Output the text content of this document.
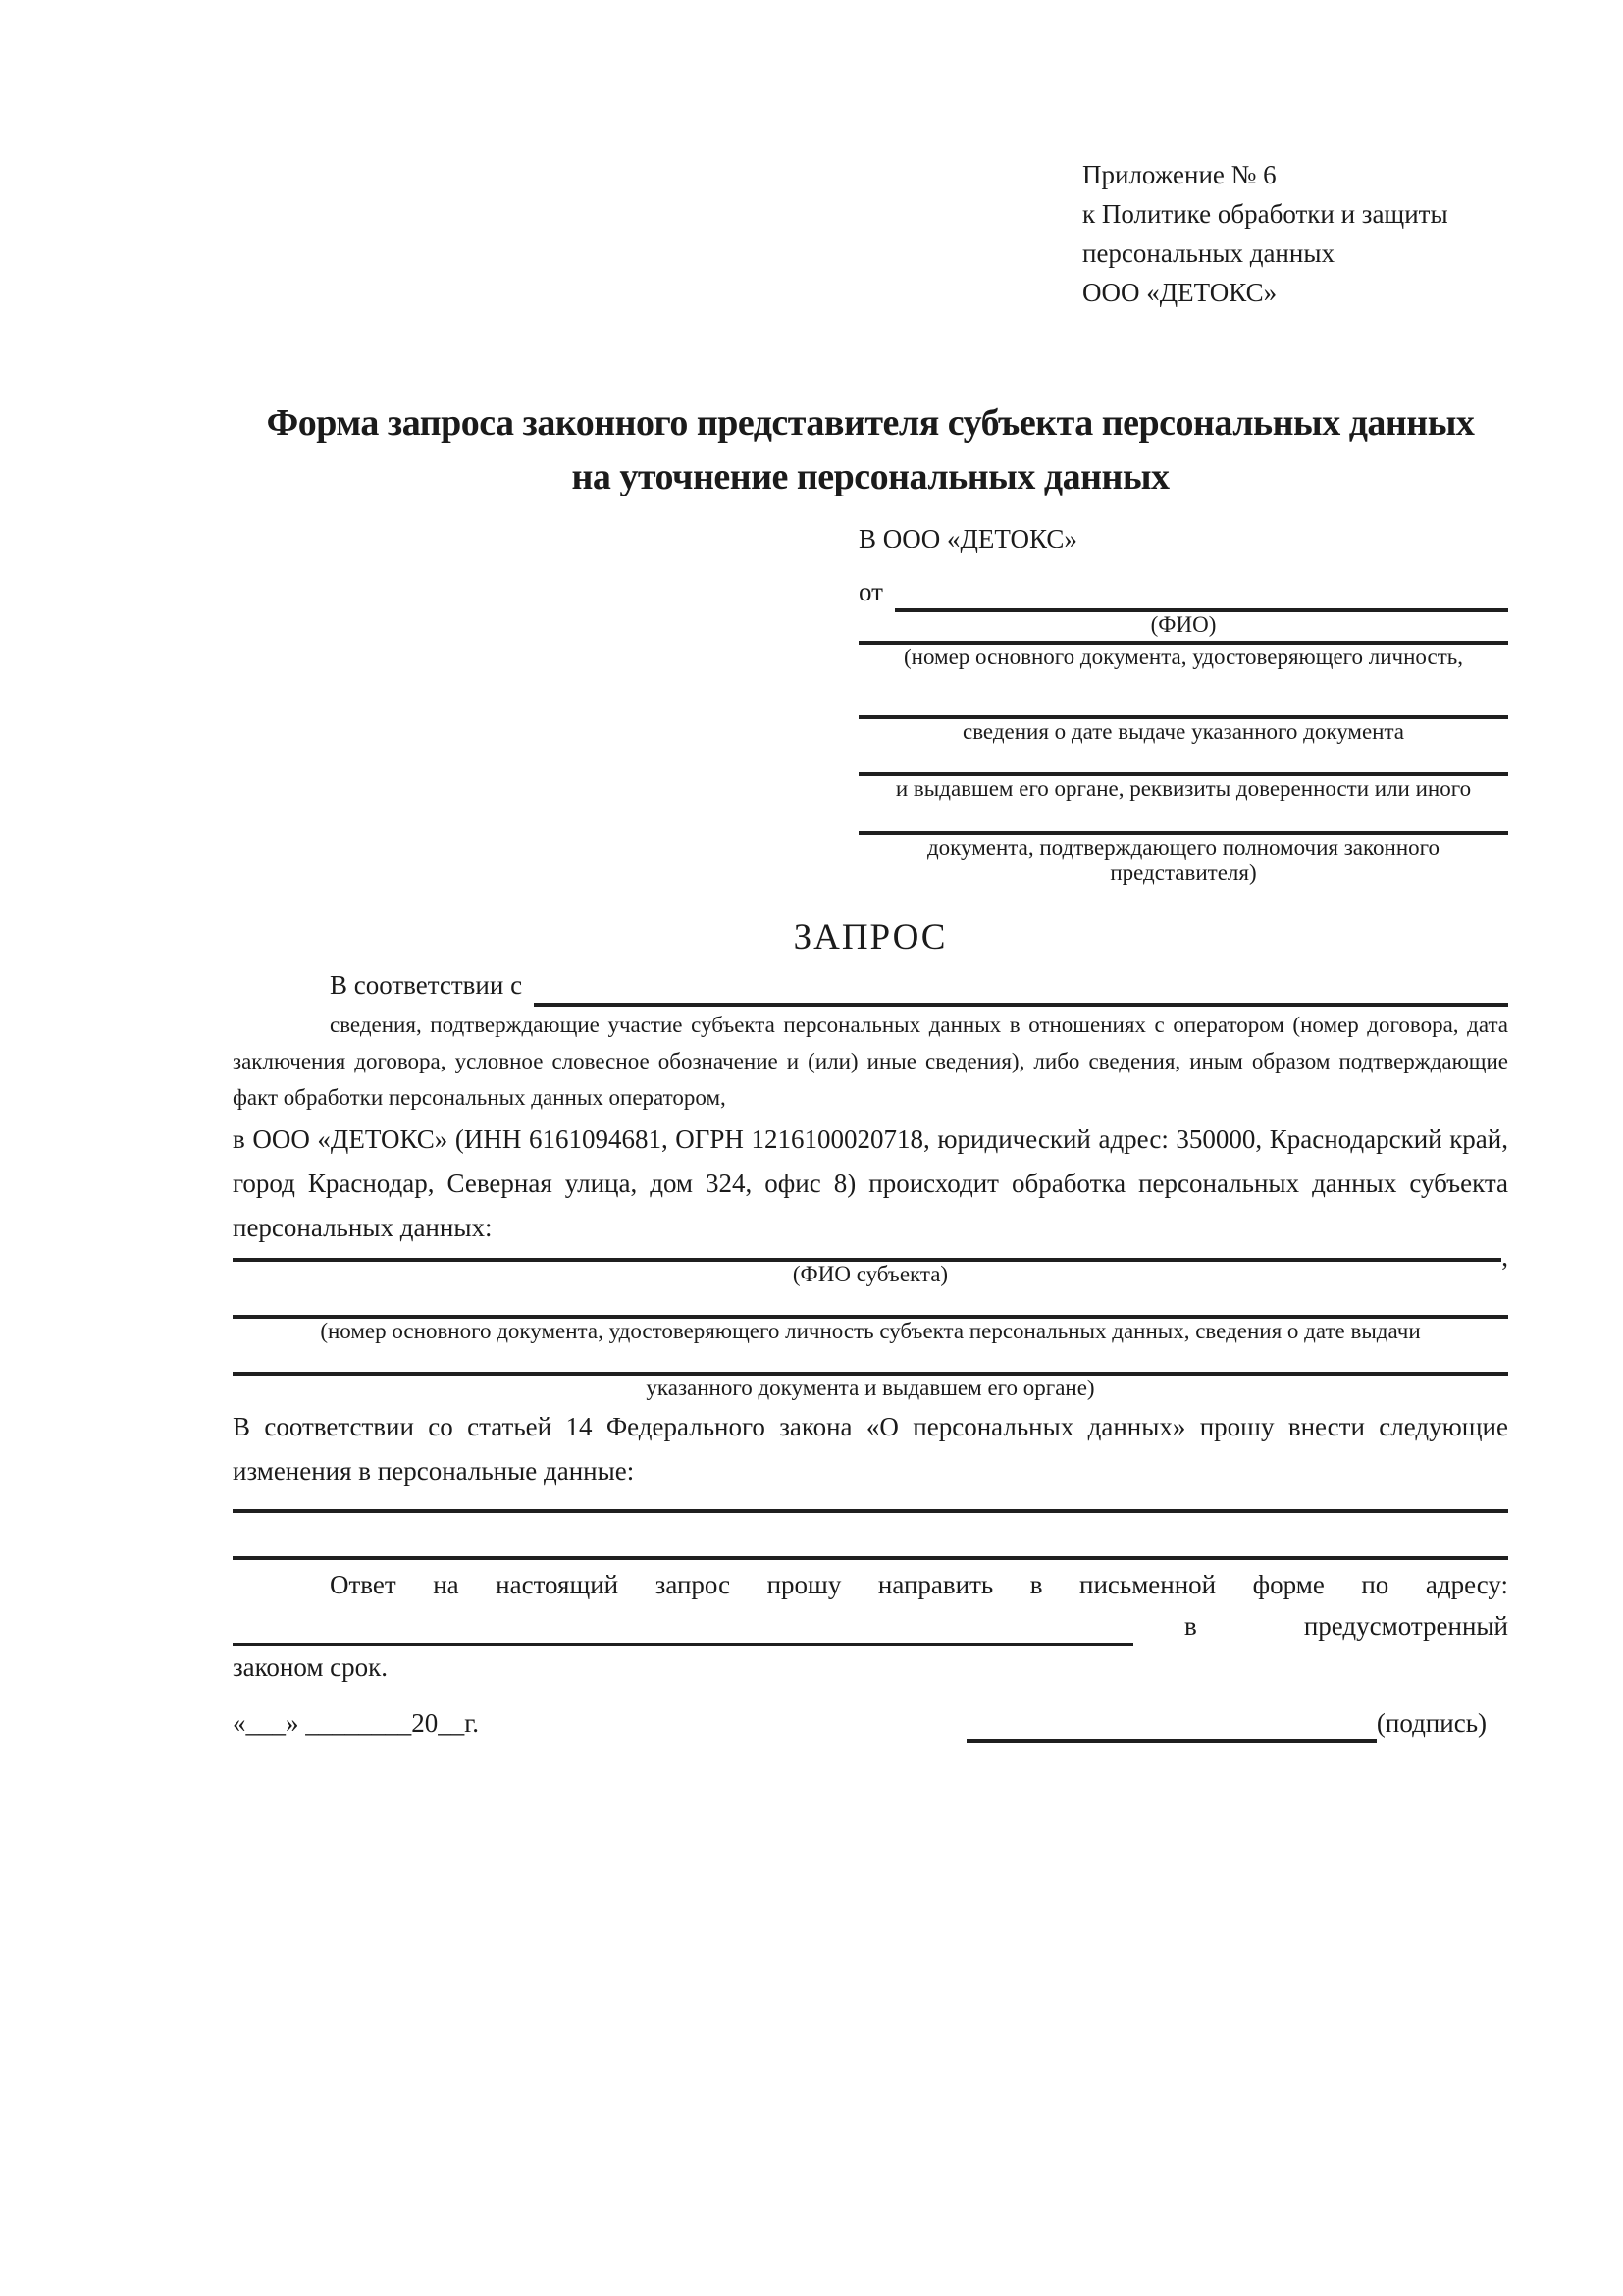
Приложение № 6
к Политике обработки и защиты
персональных данных
ООО «ДЕТОКС»
Форма запроса законного представителя субъекта персональных данных
на уточнение персональных данных
В ООО «ДЕТОКС»
от
(ФИО)
(номер основного документа, удостоверяющего личность,
сведения о дате выдаче указанного документа
и выдавшем его органе, реквизиты доверенности или иного
документа, подтверждающего полномочия законного представителя)
ЗАПРОС
В соответствии с
сведения, подтверждающие участие субъекта персональных данных в отношениях с оператором (номер договора, дата заключения договора, условное словесное обозначение и (или) иные сведения), либо сведения, иным образом подтверждающие факт обработки персональных данных оператором,
в ООО «ДЕТОКС» (ИНН 6161094681, ОГРН 1216100020718, юридический адрес: 350000, Краснодарский край, город Краснодар, Северная улица, дом 324, офис 8) происходит обработка персональных данных субъекта персональных данных:
,
(ФИО субъекта)
(номер основного документа, удостоверяющего личность субъекта персональных данных, сведения о дате выдачи
указанного документа и выдавшем его органе)
В соответствии со статьей 14 Федерального закона «О персональных данных» прошу внести следующие изменения в персональные данные:
Ответ на настоящий запрос прошу направить в письменной форме по адресу:
в	предусмотренный
законом срок.
«___» ________20__г.	(подпись)
